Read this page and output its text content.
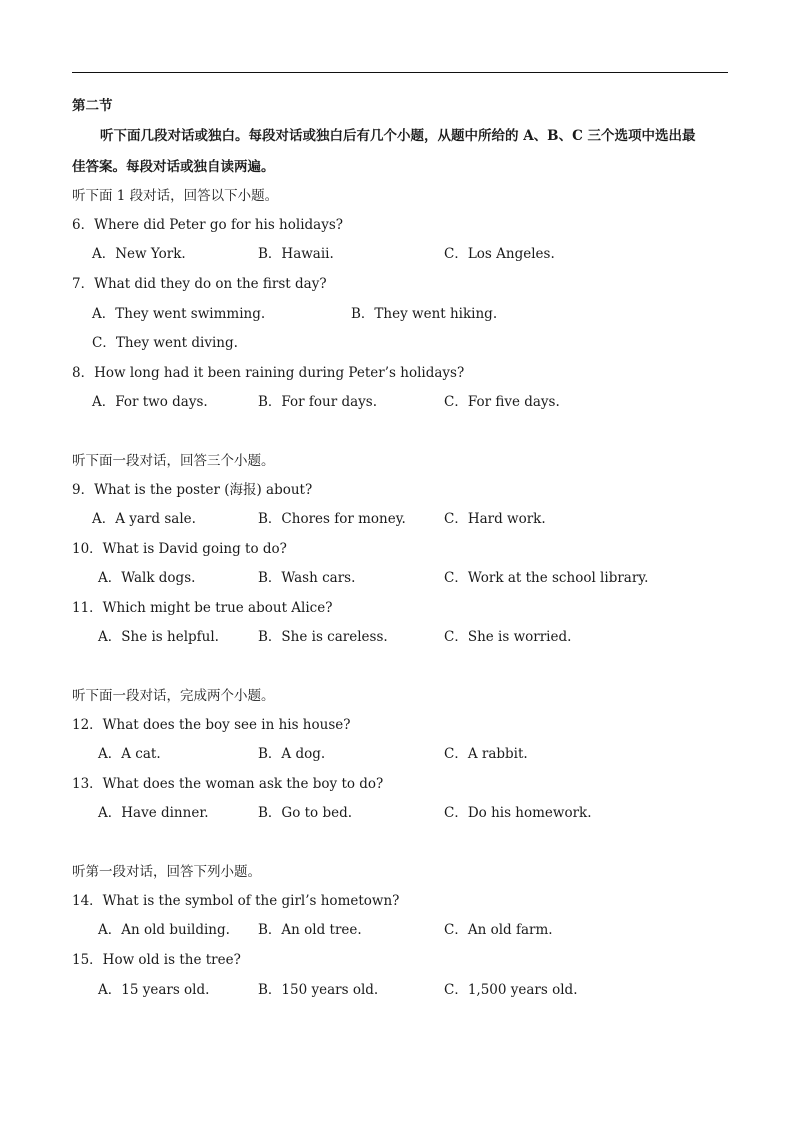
第二节
听下面几段对话或独白。每段对话或独白后有几个小题，从题中所给的 A、B、C 三个选项中选出最
佳答案。每段对话或独自读两遍。
听下面 1 段对话，回答以下小题。
6．Where did Peter go for his holidays?
A．New York.	B．Hawaii.	C．Los Angeles.
7．What did they do on the first day?
A．They went swimming.	B．They went hiking.
C．They went diving.
8．How long had it been raining during Peter’s holidays?
A．For two days.	B．For four days.	C．For five days.
听下面一段对话，回答三个小题。
9．What is the poster (海报) about?
A．A yard sale.	B．Chores for money.	C．Hard work.
10．What is David going to do?
A．Walk dogs.	B．Wash cars.	C．Work at the school library.
11．Which might be true about Alice?
A．She is helpful.	B．She is careless.	C．She is worried.
听下面一段对话，完成两个小题。
12．What does the boy see in his house?
A．A cat.	B．A dog.	C．A rabbit.
13．What does the woman ask the boy to do?
A．Have dinner.	B．Go to bed.	C．Do his homework.
听第一段对话，回答下列小题。
14．What is the symbol of the girl’s hometown?
A．An old building. B．An old tree.	C．An old farm.
15．How old is the tree?
A．15 years old.	B．150 years old.	C．1,500 years old.
